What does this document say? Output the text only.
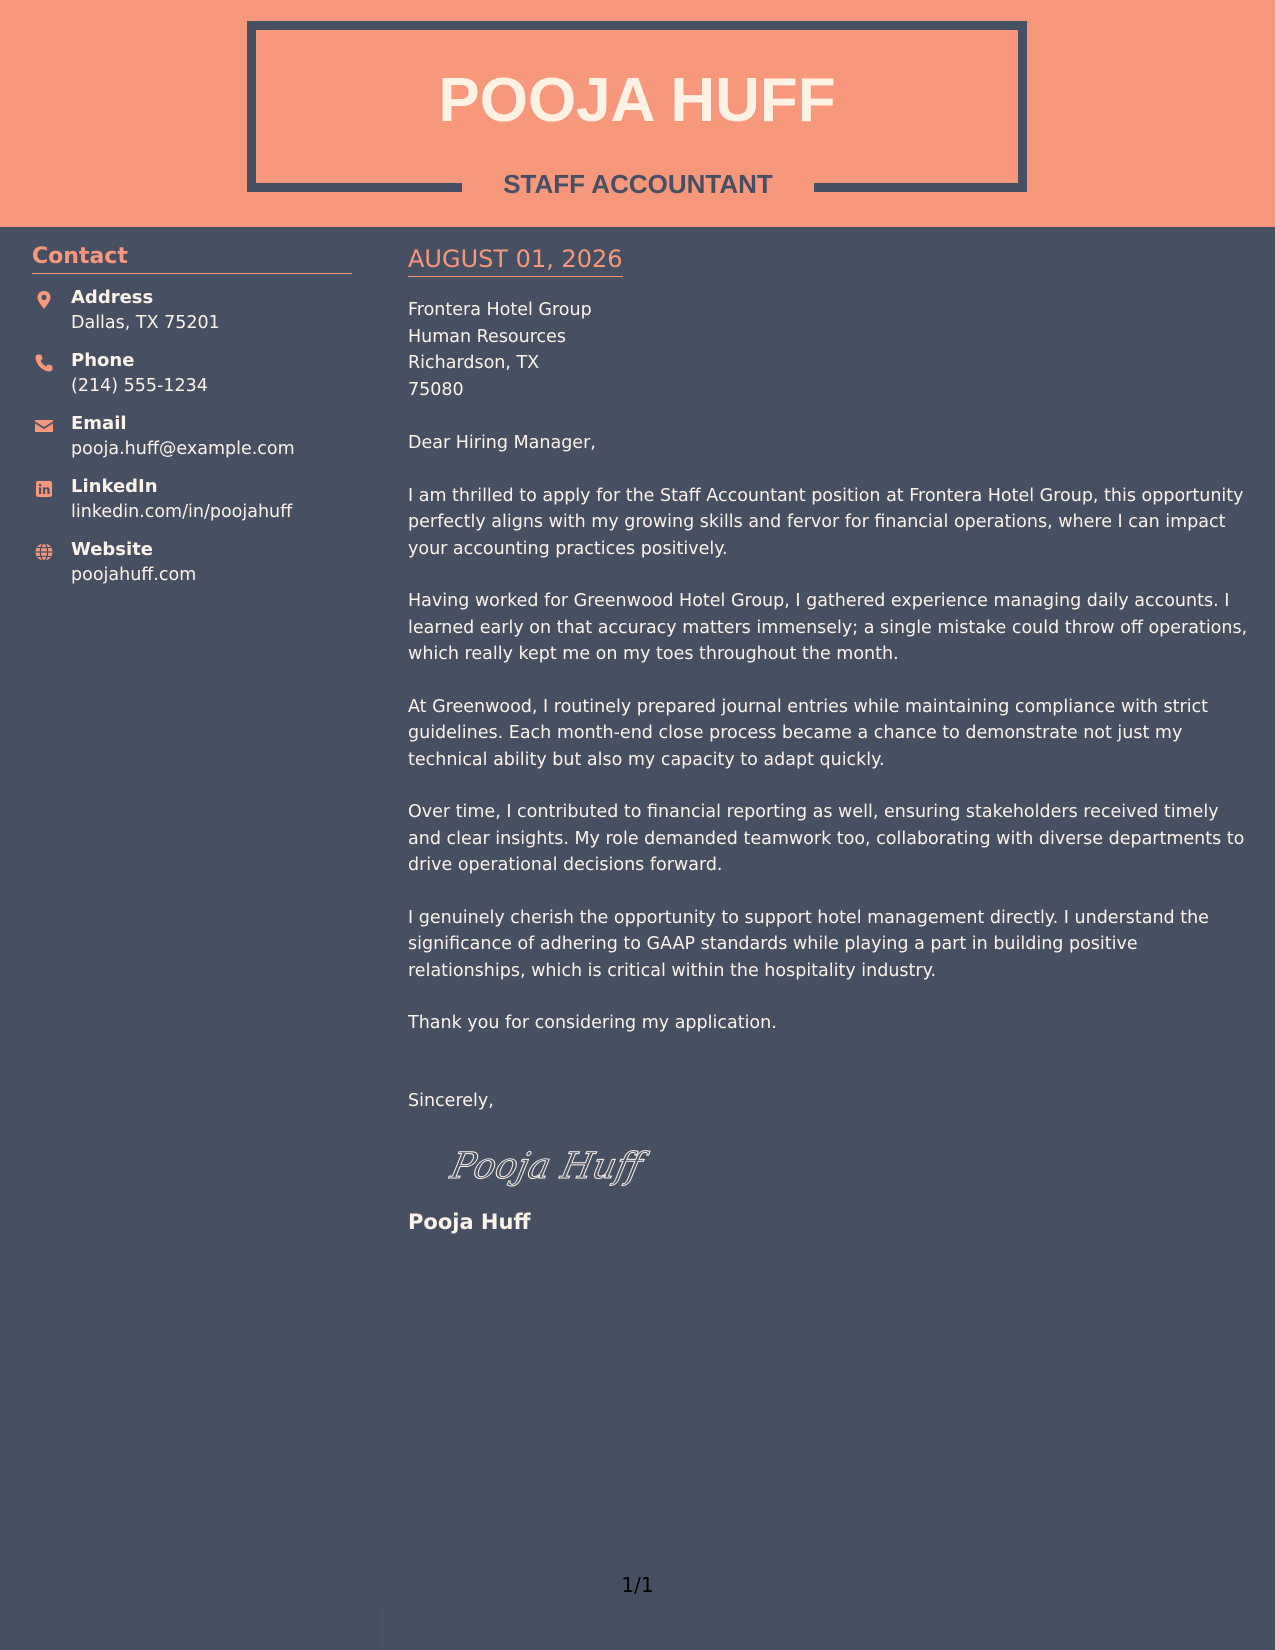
POOJA HUFF
STAFF ACCOUNTANT
Contact
Address
Dallas, TX 75201
Phone
(214) 555-1234
Email
pooja.huff@example.com
LinkedIn
linkedin.com/in/poojahuff
Website
poojahuff.com
AUGUST 01, 2026
Frontera Hotel Group
Human Resources
Richardson, TX
75080
Dear Hiring Manager,

I am thrilled to apply for the Staff Accountant position at Frontera Hotel Group, this opportunity perfectly aligns with my growing skills and fervor for financial operations, where I can impact your accounting practices positively.

Having worked for Greenwood Hotel Group, I gathered experience managing daily accounts. I learned early on that accuracy matters immensely; a single mistake could throw off operations, which really kept me on my toes throughout the month.

At Greenwood, I routinely prepared journal entries while maintaining compliance with strict guidelines. Each month-end close process became a chance to demonstrate not just my technical ability but also my capacity to adapt quickly.

Over time, I contributed to financial reporting as well, ensuring stakeholders received timely and clear insights. My role demanded teamwork too, collaborating with diverse departments to drive operational decisions forward.

I genuinely cherish the opportunity to support hotel management directly. I understand the significance of adhering to GAAP standards while playing a part in building positive relationships, which is critical within the hospitality industry.

Thank you for considering my application.
Sincerely,
Pooja Huff
Pooja Huff
1/1
